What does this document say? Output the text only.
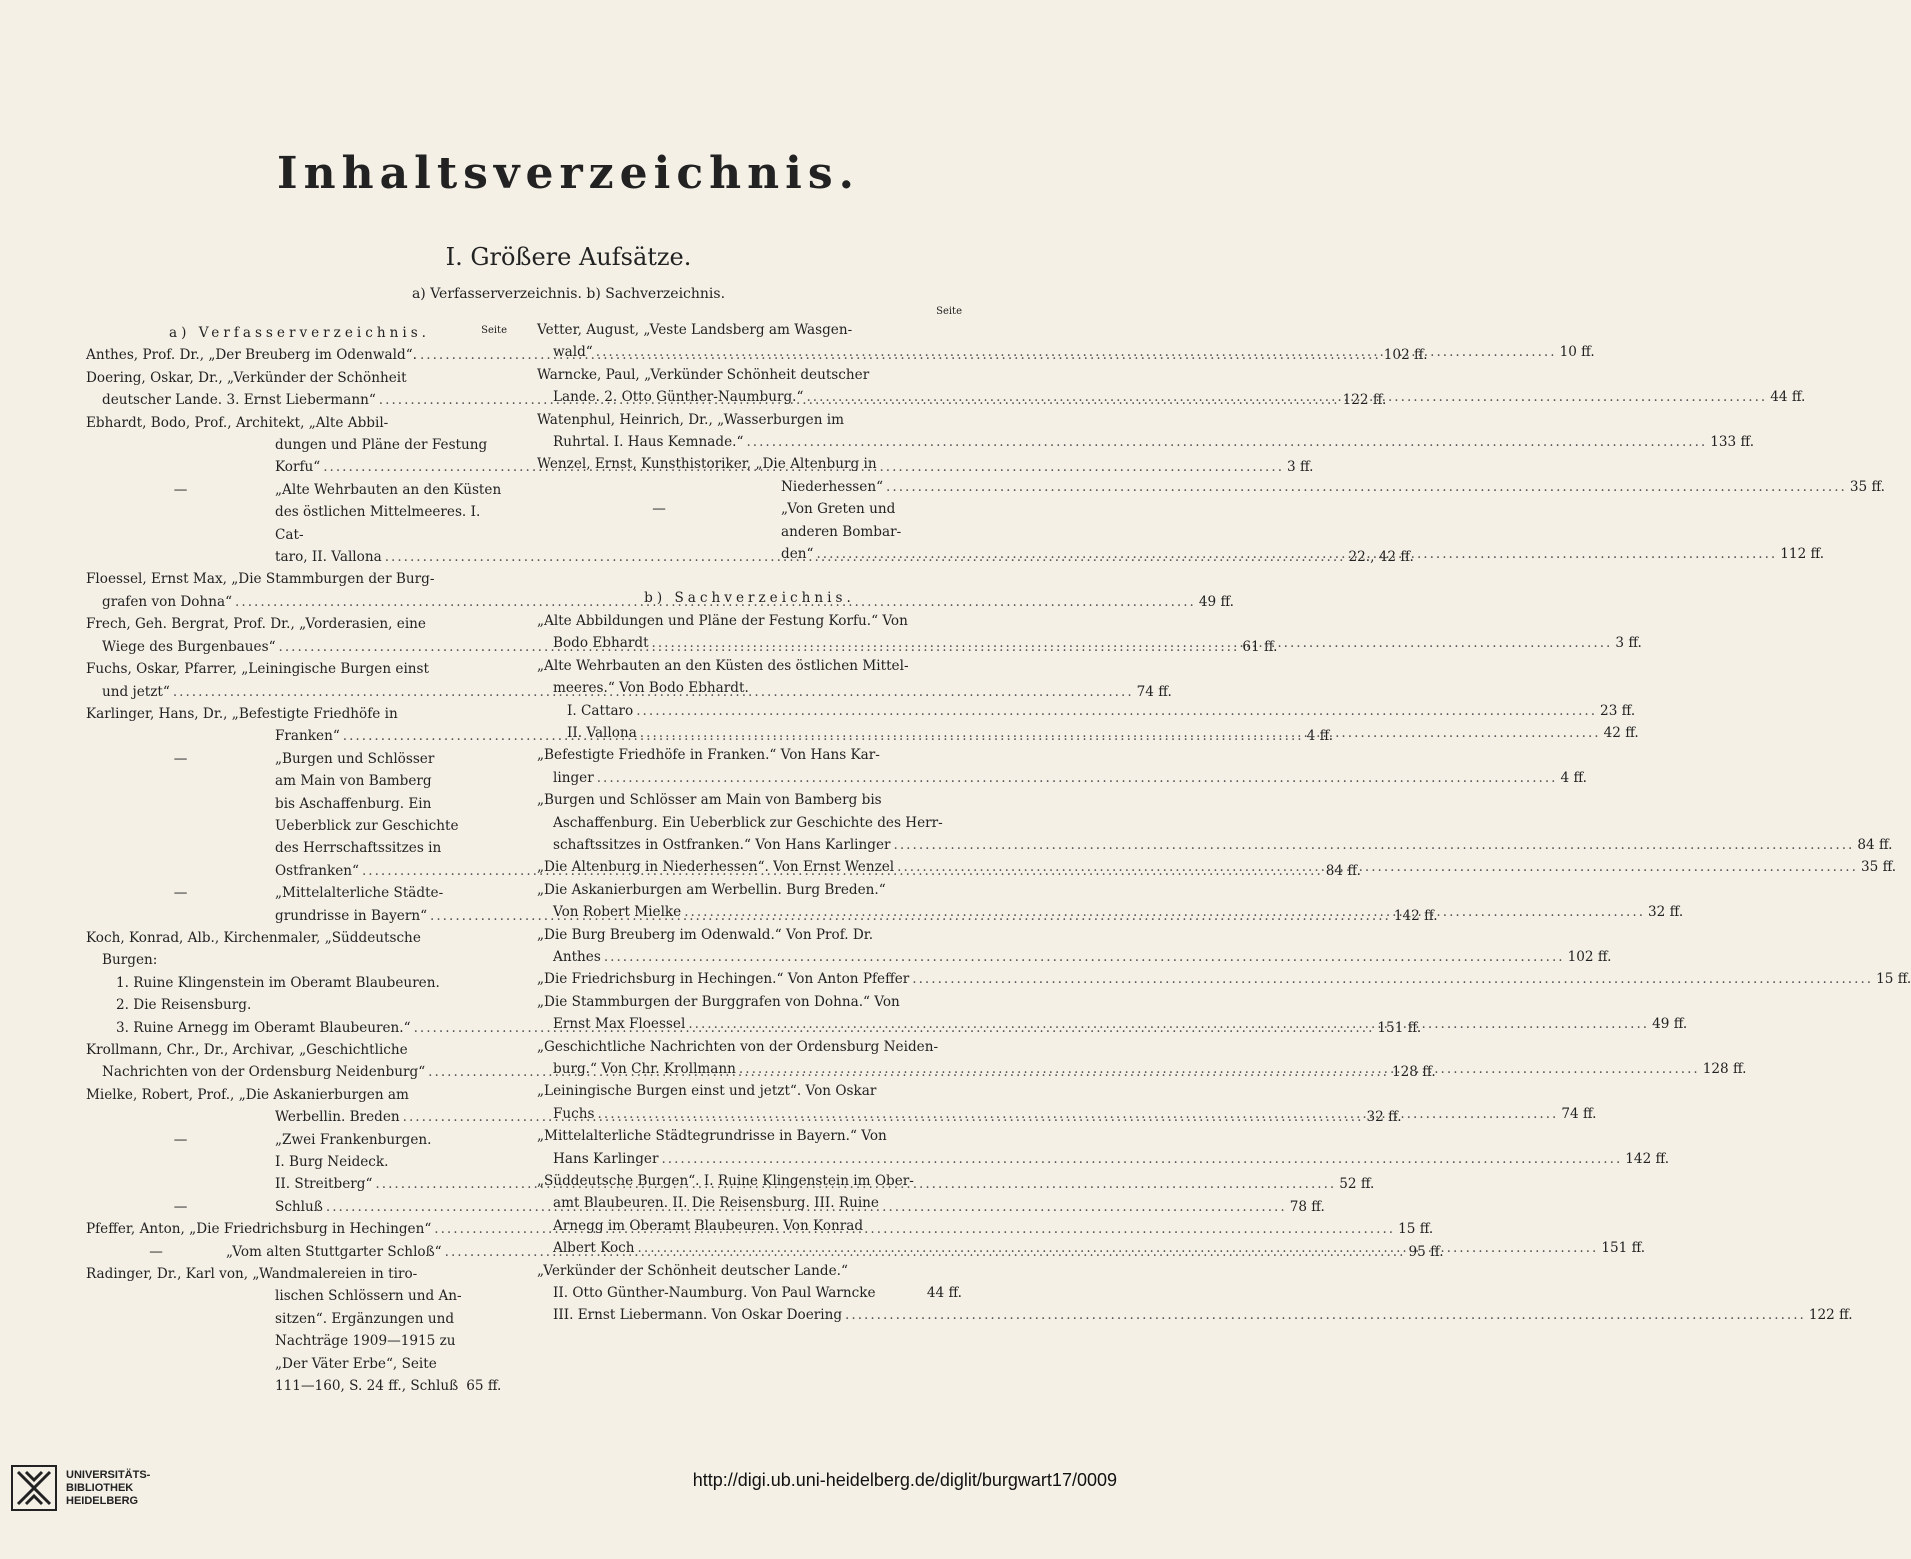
Inhaltsverzeichnis.
I. Größere Aufsätze.
a) Verfasserverzeichnis. b) Sachverzeichnis.
a) Verfasserverzeichnis.	Seite
Anthes, Prof. Dr., „Der Breuberg im Odenwald“. .....	102 ff.
Doering, Oskar, Dr., „Verkünder der Schönheit
deutscher Lande. 3. Ernst Liebermann“ .....	122 ff.
Ebhardt, Bodo, Prof., Architekt, „Alte Abbil-
dungen und Pläne der Festung
Korfu“ .....	3 ff.
—	„Alte Wehrbauten an den Küsten
des östlichen Mittelmeeres. I. Cat-
taro, II. Vallona .....	22., 42 ff.
Floessel, Ernst Max, „Die Stammburgen der Burg-
grafen von Dohna“ .....	49 ff.
Frech, Geh. Bergrat, Prof. Dr., „Vorderasien, eine
Wiege des Burgenbaues“ .....	61 ff.
Fuchs, Oskar, Pfarrer, „Leiningische Burgen einst
und jetzt“ .....	74 ff.
Karlinger, Hans, Dr., „Befestigte Friedhöfe in
Franken“ .....	4 ff.
—	„Burgen und Schlösser
am Main von Bamberg
bis Aschaffenburg. Ein
Ueberblick zur Geschichte
des Herrschaftssitzes in
Ostfranken“ .....	84 ff.
—	„Mittelalterliche Städte-
grundrisse in Bayern“ .....	142 ff.
Koch, Konrad, Alb., Kirchenmaler, „Süddeutsche
Burgen:
1. Ruine Klingenstein im Oberamt Blaubeuren.
2. Die Reisensburg.
3. Ruine Arnegg im Oberamt Blaubeuren.“ .....	151 ff.
Krollmann, Chr., Dr., Archivar, „Geschichtliche
Nachrichten von der Ordensburg Neidenburg“ .....	128 ff.
Mielke, Robert, Prof., „Die Askanierburgen am
Werbellin. Breden .....	32 ff.
—	„Zwei Frankenburgen.
I. Burg Neideck.
II. Streitberg“ .....	52 ff.
—	Schluß .....	78 ff.
Pfeffer, Anton, „Die Friedrichsburg in Hechingen“ .....	15 ff.
—	„Vom alten Stuttgarter Schloß“ .....	95 ff.
Radinger, Dr., Karl von, „Wandmalereien in tiro-
lischen Schlössern und An-
sitzen“. Ergänzungen und
Nachträge 1909—1915 zu
„Der Väter Erbe“, Seite
111—160, S. 24 ff., Schluß 65 ff.
Seite
Vetter, August, „Veste Landsberg am Wasgen-
wald“ .....	10 ff.
Warncke, Paul, „Verkünder Schönheit deutscher
Lande. 2. Otto Günther-Naumburg.“ .....	44 ff.
Watenphul, Heinrich, Dr., „Wasserburgen im
Ruhrtal. I. Haus Kemnade.“ .....	133 ff.
Wenzel, Ernst, Kunsthistoriker, „Die Altenburg in
Niederhessen“ .....	35 ff.
—	„Von Greten und
anderen Bombar-
den“ .....	112 ff.
b) Sachverzeichnis.
„Alte Abbildungen und Pläne der Festung Korfu.“ Von
Bodo Ebhardt .....	3 ff.
„Alte Wehrbauten an den Küsten des östlichen Mittel-
meeres.“ Von Bodo Ebhardt.
I. Cattaro .....	23 ff.
II. Vallona .....	42 ff.
„Befestigte Friedhöfe in Franken.“ Von Hans Kar-
linger .....	4 ff.
„Burgen und Schlösser am Main von Bamberg bis
Aschaffenburg. Ein Ueberblick zur Geschichte des Herr-
schaftssitzes in Ostfranken.“ Von Hans Karlinger .....	84 ff.
„Die Altenburg in Niederhessen“. Von Ernst Wenzel .....	35 ff.
„Die Askanierburgen am Werbellin. Burg Breden.“
Von Robert Mielke .....	32 ff.
„Die Burg Breuberg im Odenwald.“ Von Prof. Dr.
Anthes .....	102 ff.
„Die Friedrichsburg in Hechingen.“ Von Anton Pfeffer .....	15 ff.
„Die Stammburgen der Burggrafen von Dohna.“ Von
Ernst Max Floessel .....	49 ff.
„Geschichtliche Nachrichten von der Ordensburg Neiden-
burg.“ Von Chr. Krollmann .....	128 ff.
„Leiningische Burgen einst und jetzt“. Von Oskar
Fuchs .....	74 ff.
„Mittelalterliche Städtegrundrisse in Bayern.“ Von
Hans Karlinger .....	142 ff.
„Süddeutsche Burgen“. I. Ruine Klingenstein im Ober-
amt Blaubeuren. II. Die Reisensburg. III. Ruine
Arnegg im Oberamt Blaubeuren. Von Konrad
Albert Koch .....	151 ff.
„Verkünder der Schönheit deutscher Lande.“
II. Otto Günther-Naumburg. Von Paul Warncke	44 ff.
III. Ernst Liebermann. Von Oskar Doering .....	122 ff.
UNIVERSITÄTS-
BIBLIOTHEK
HEIDELBERG
http://digi.ub.uni-heidelberg.de/diglit/burgwart17/0009
